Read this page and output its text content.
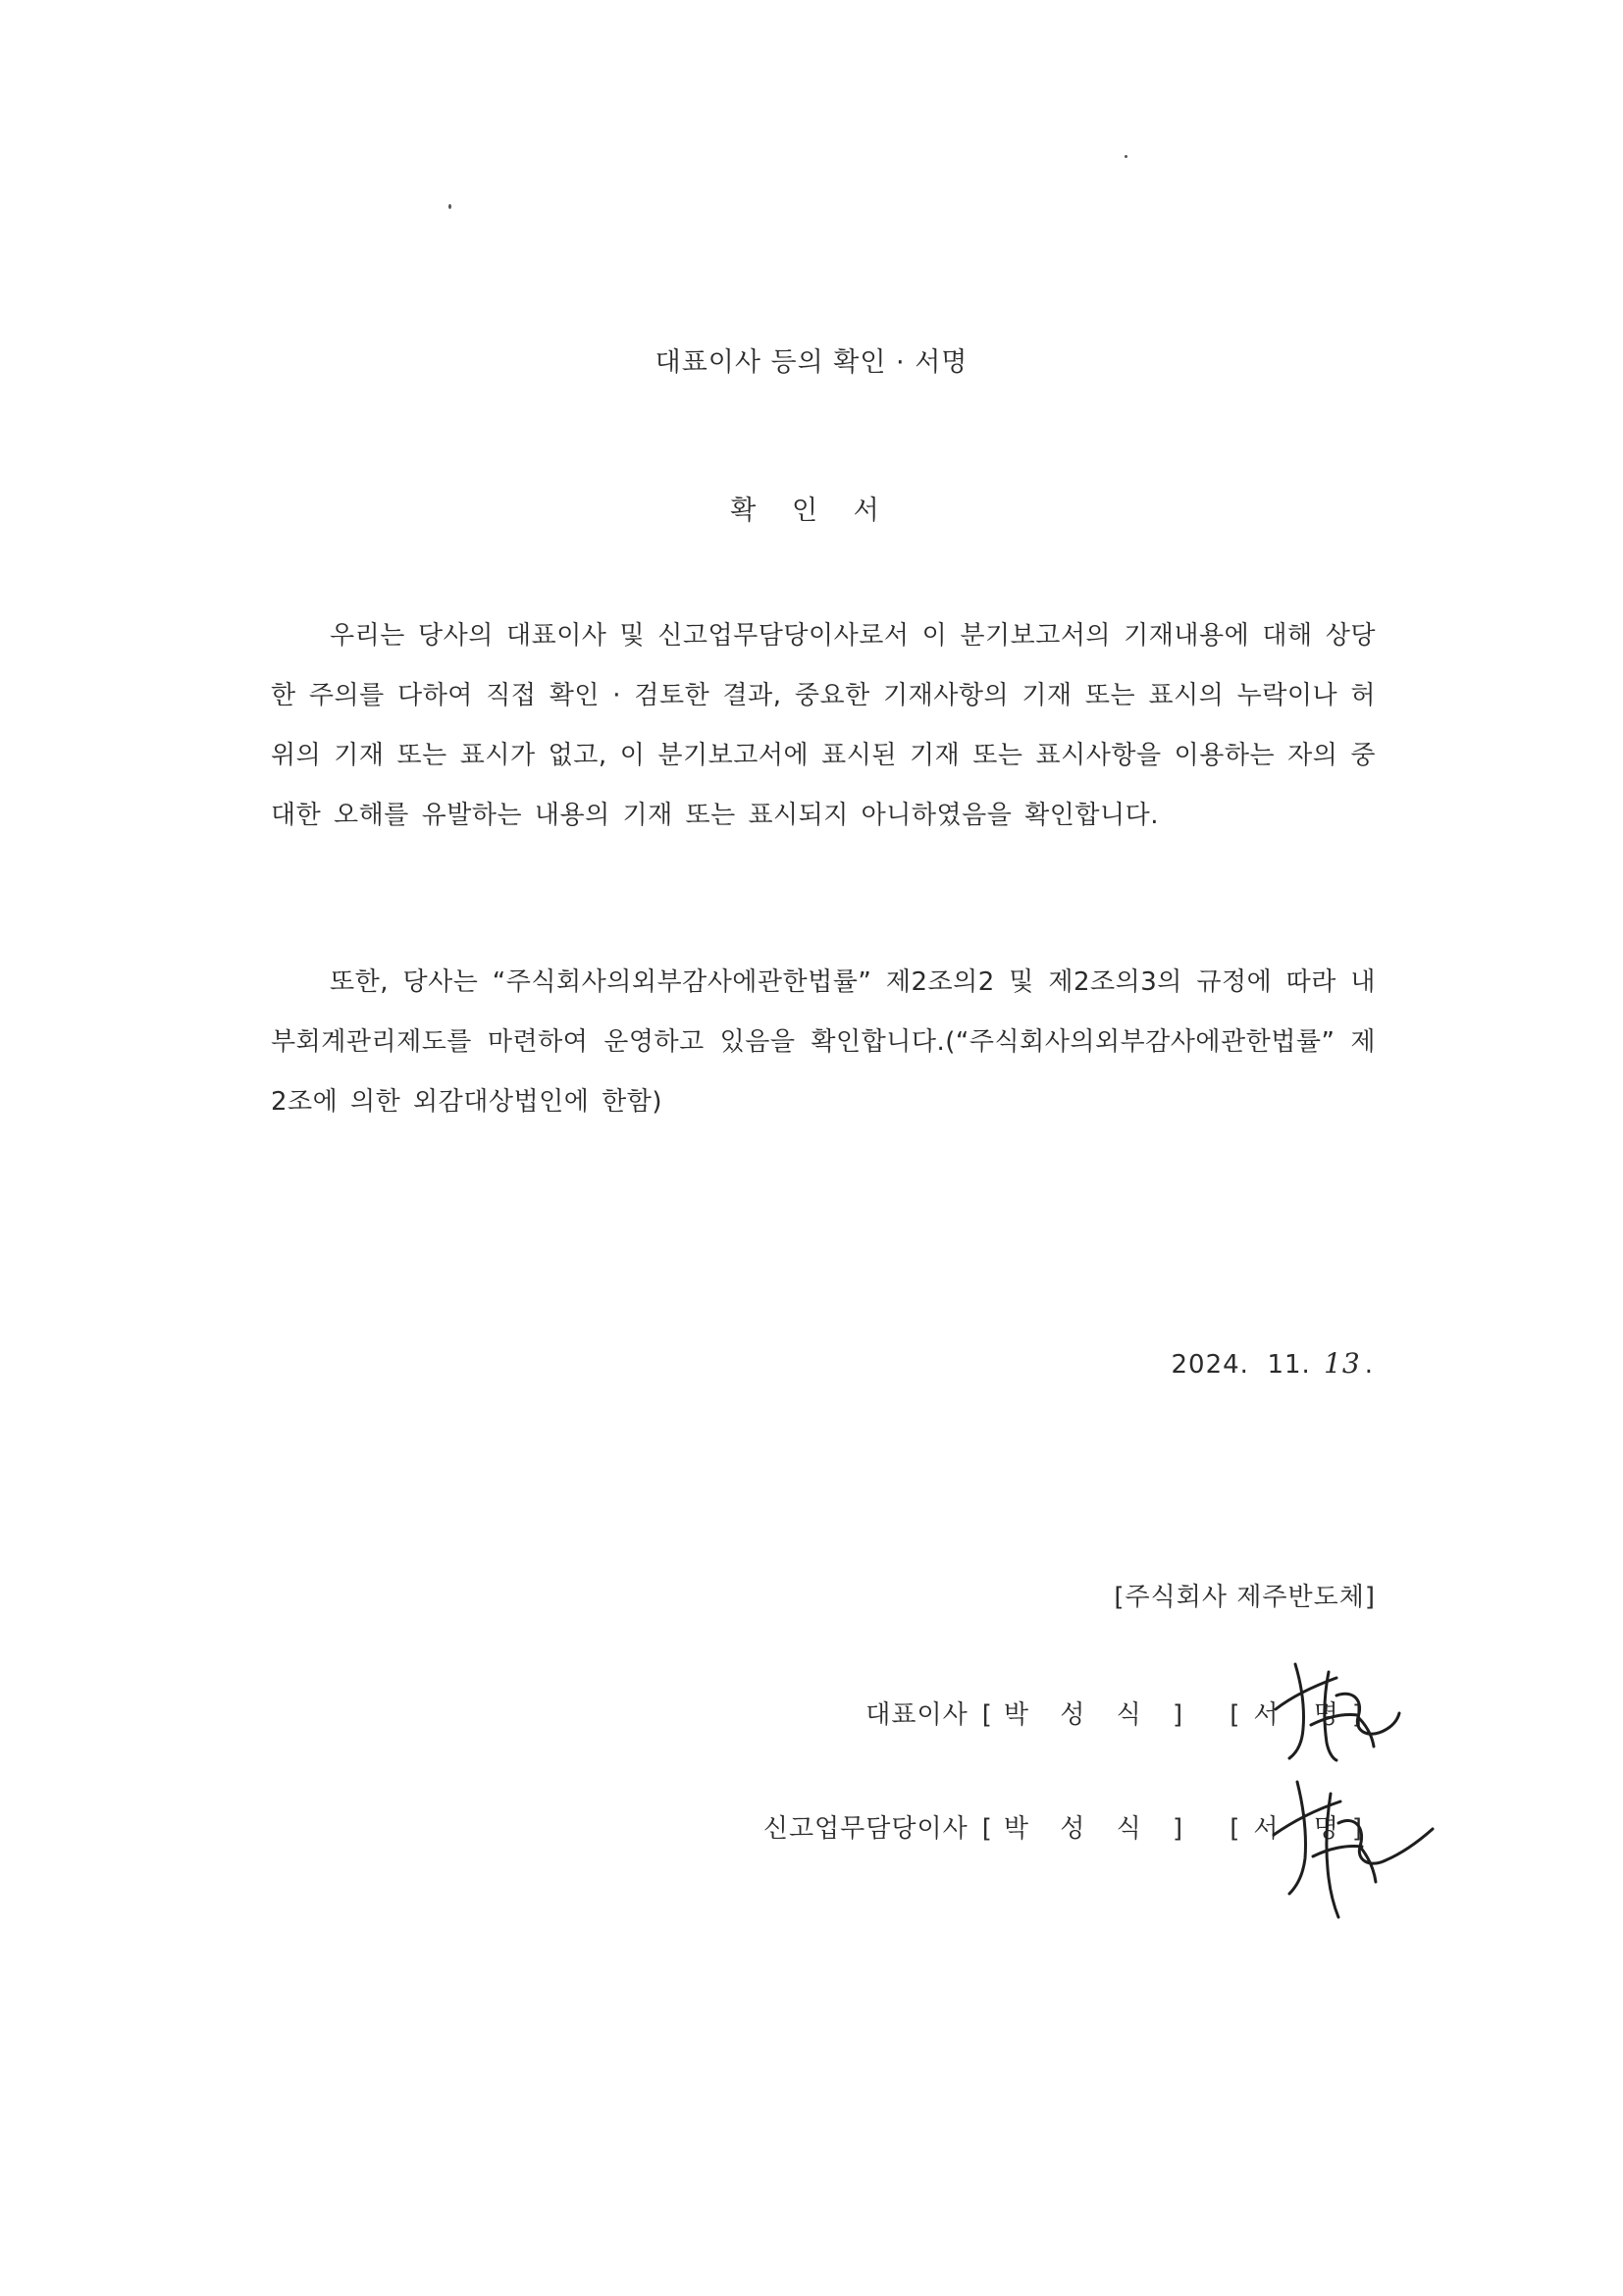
대표이사 등의 확인 · 서명
확 인 서

우리는 당사의 대표이사 및 신고업무담당이사로서 이 분기보고서의 기재내용에 대해 상당한 주의를 다하여 직접 확인 · 검토한 결과, 중요한 기재사항의 기재 또는 표시의 누락이나 허위의 기재 또는 표시가 없고, 이 분기보고서에 표시된 기재 또는 표시사항을 이용하는 자의 중대한 오해를 유발하는 내용의 기재 또는 표시되지 아니하였음을 확인합니다.

또한, 당사는 “주식회사의외부감사에관한법률” 제2조의2 및 제2조의3의 규정에 따라 내부회계관리제도를 마련하여 운영하고 있음을 확인합니다.(“주식회사의외부감사에관한법률” 제2조에 의한 외감대상법인에 한함)

2024.  11. 13 .
[주식회사 제주반도체]
대표이사 [박 성 식 ] [서 명]
신고업무담당이사 [박 성 식 ] [서 명]
